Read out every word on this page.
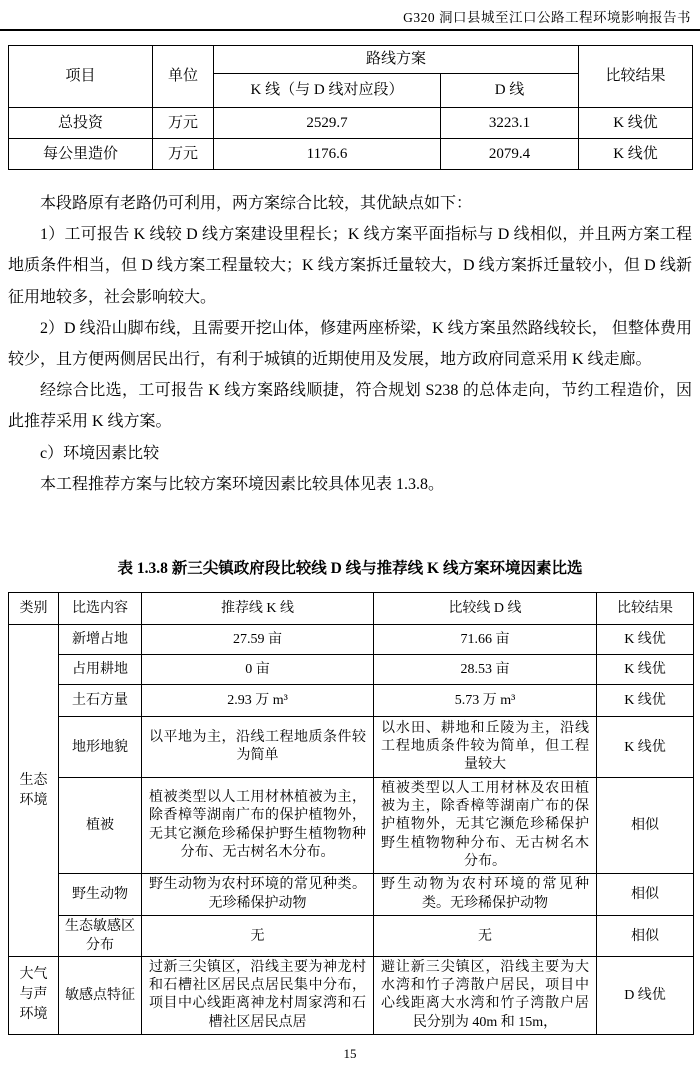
G320 洞口县城至江口公路工程环境影响报告书
项目	单位	路线方案		比较结果
		K 线（与 D 线对应段）	D 线	
总投资	万元	2529.7	3223.1	K 线优
每公里造价	万元	1176.6	2079.4	K 线优

本段路原有老路仍可利用，两方案综合比较，其优缺点如下：

1）工可报告 K 线较 D 线方案建设里程长；K 线方案平面指标与 D 线相似，并且两方案工程地质条件相当，但 D 线方案工程量较大；K 线方案拆迁量较大，D 线方案拆迁量较小，但 D 线新征用地较多，社会影响较大。

2）D 线沿山脚布线，且需要开挖山体，修建两座桥梁，K 线方案虽然路线较长， 但整体费用较少，且方便两侧居民出行，有利于城镇的近期使用及发展，地方政府同意采用 K 线走廊。

经综合比选，工可报告 K 线方案路线顺捷，符合规划 S238 的总体走向，节约工程造价，因此推荐采用 K 线方案。

c）环境因素比较

本工程推荐方案与比较方案环境因素比较具体见表 1.3.8。

表 1.3.8 新三尖镇政府段比较线 D 线与推荐线 K 线方案环境因素比选
类别	比选内容	推荐线 K 线	比较线 D 线	比较结果
生态环境	新增占地	27.59 亩	71.66 亩	K 线优
	占用耕地	0 亩	28.53 亩	K 线优
	土石方量	2.93 万 m³	5.73 万 m³	K 线优
	地形地貌	以平地为主，沿线工程地质条件较为简单	以水田、耕地和丘陵为主，沿线工程地质条件较为简单，但工程量较大	K 线优
	植被	植被类型以人工用材林植被为主，除香樟等湖南广布的保护植物外，无其它濒危珍稀保护野生植物物种分布、无古树名木分布。	植被类型以人工用材林及农田植被为主，除香樟等湖南广布的保护植物外，无其它濒危珍稀保护野生植物物种分布、无古树名木分布。	相似
	野生动物	野生动物为农村环境的常见种类。无珍稀保护动物	野生动物为农村环境的常见种类。无珍稀保护动物	相似
	生态敏感区分布	无	无	相似
大气与声环境	敏感点特征	过新三尖镇区，沿线主要为神龙村和石槽社区居民点居民集中分布，项目中心线距离神龙村周家湾和石槽社区居民点居	避让新三尖镇区，沿线主要为大水湾和竹子湾散户居民，项目中心线距离大水湾和竹子湾散户居民分别为 40m 和 15m，	D 线优
15
